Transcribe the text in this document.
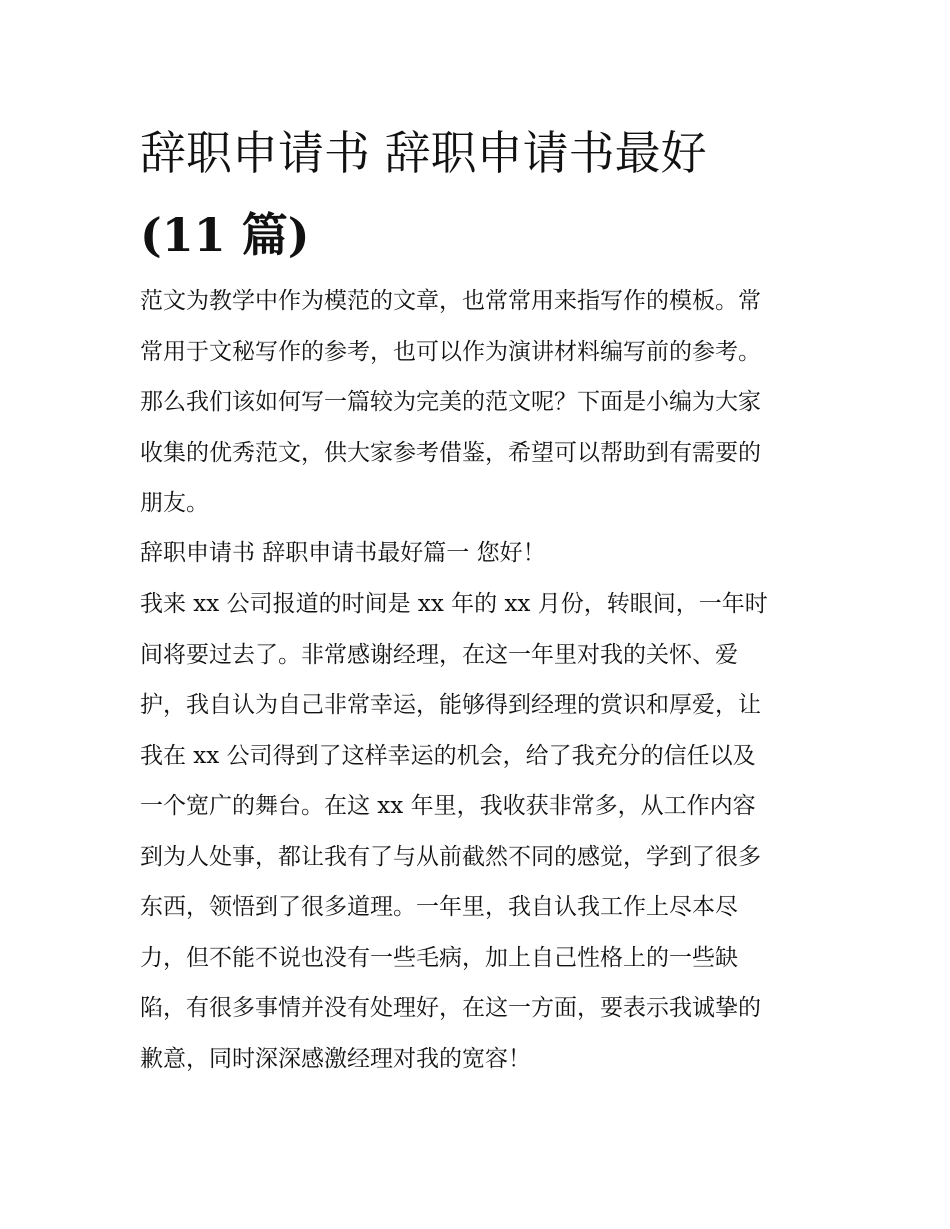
辞职申请书 辞职申请书最好
(11 篇)

范文为教学中作为模范的文章，也常常用来指写作的模板。常
常用于文秘写作的参考，也可以作为演讲材料编写前的参考。
那么我们该如何写一篇较为完美的范文呢？下面是小编为大家
收集的优秀范文，供大家参考借鉴，希望可以帮助到有需要的
朋友。

辞职申请书 辞职申请书最好篇一 您好！

我来 xx 公司报道的时间是 xx 年的 xx 月份，转眼间，一年时
间将要过去了。非常感谢经理，在这一年里对我的关怀、爱
护，我自认为自己非常幸运，能够得到经理的赏识和厚爱，让
我在 xx 公司得到了这样幸运的机会，给了我充分的信任以及
一个宽广的舞台。在这 xx 年里，我收获非常多，从工作内容
到为人处事，都让我有了与从前截然不同的感觉，学到了很多
东西，领悟到了很多道理。一年里，我自认我工作上尽本尽
力，但不能不说也没有一些毛病，加上自己性格上的一些缺
陷，有很多事情并没有处理好，在这一方面，要表示我诚挚的
歉意，同时深深感激经理对我的宽容！
